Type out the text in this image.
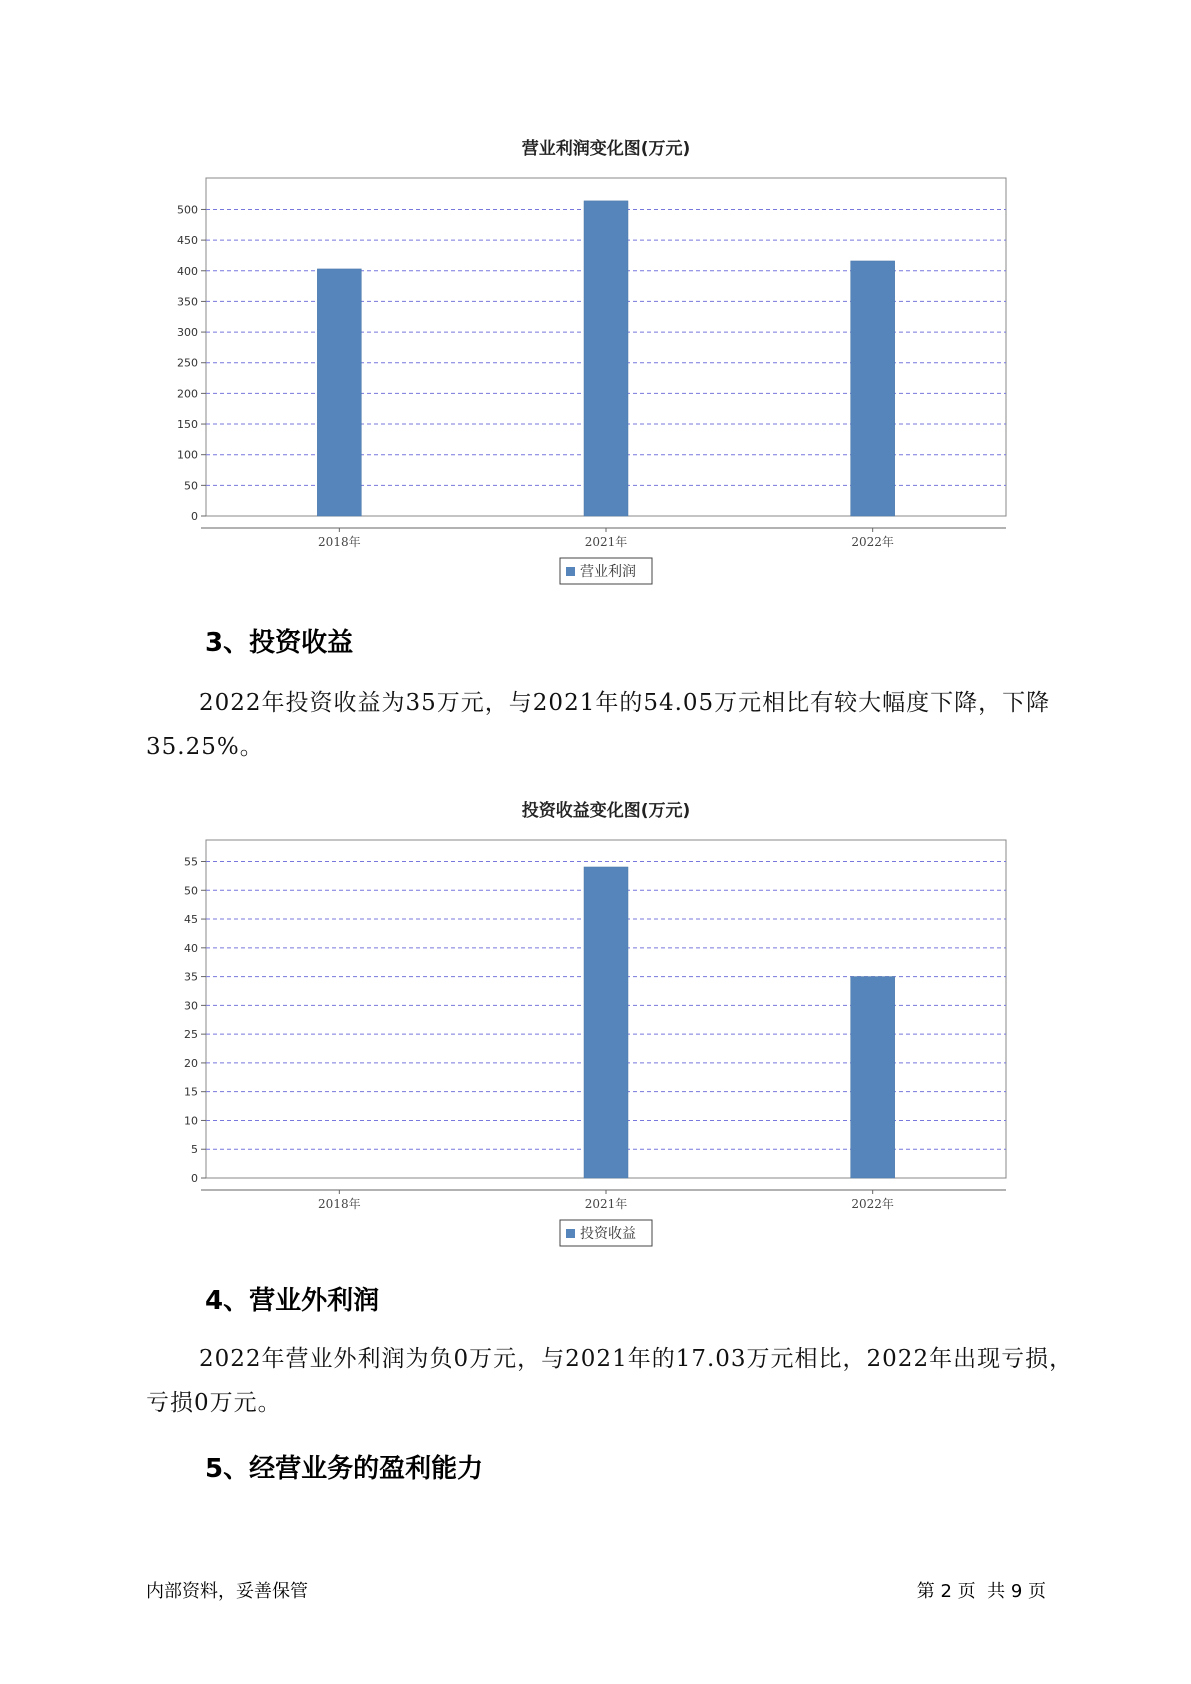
营业利润变化图(万元)
0
50
100
150
200
250
300
350
400
450
500
2018年	2021年	2022年
营业利润
3、投资收益

2022年投资收益为35万元，与2021年的54.05万元相比有较大幅度下降，下降35.25%。

投资收益变化图(万元)
0
5
10
15
20
25
30
35
40
45
50
55
2018年	2021年	2022年
投资收益
4、营业外利润

2022年营业外利润为负0万元，与2021年的17.03万元相比，2022年出现亏损，亏损0万元。

5、经营业务的盈利能力
内部资料，妥善保管	第 2 页  共 9 页
